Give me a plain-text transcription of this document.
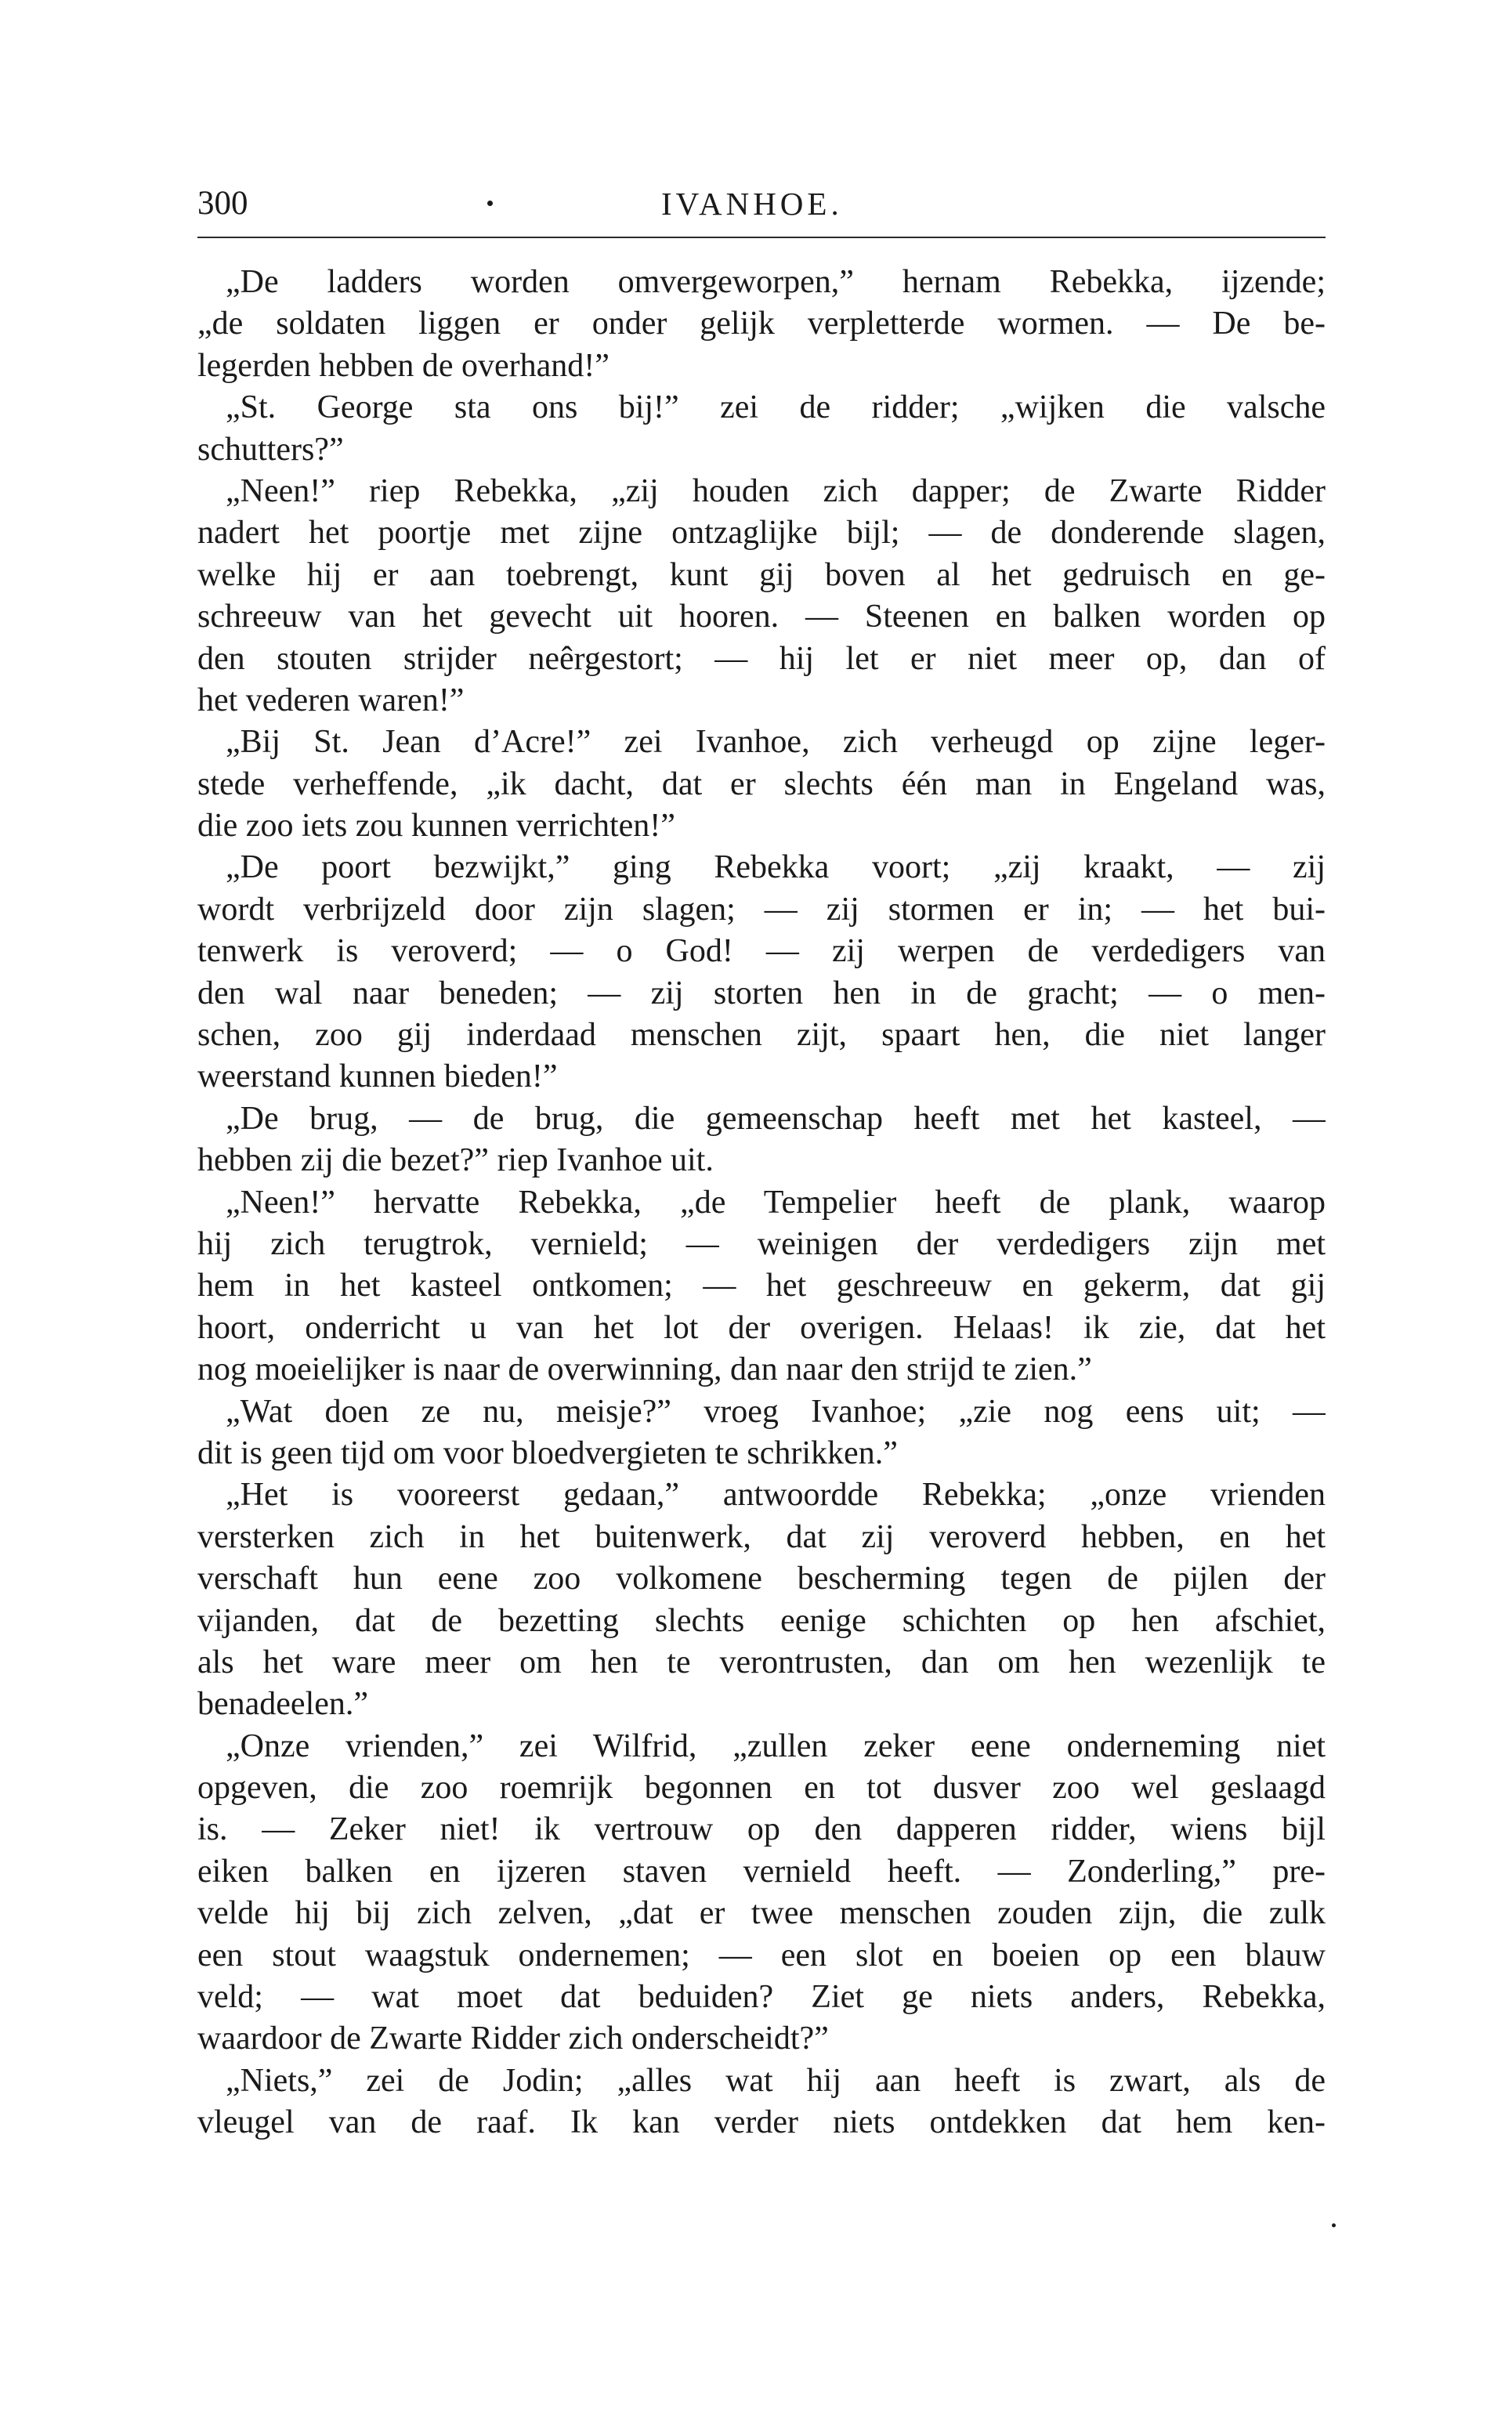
300	IVANHOE.
„De ladders worden omvergeworpen,” hernam Rebekka, ijzende;
„de soldaten liggen er onder gelijk verpletterde wormen. — De be-
legerden hebben de overhand!”
„St. George sta ons bij!” zei de ridder; „wijken die valsche
schutters?”
„Neen!” riep Rebekka, „zij houden zich dapper; de Zwarte Ridder
nadert het poortje met zijne ontzaglijke bijl; — de donderende slagen,
welke hij er aan toebrengt, kunt gij boven al het gedruisch en ge-
schreeuw van het gevecht uit hooren. — Steenen en balken worden op
den stouten strijder neêrgestort; — hij let er niet meer op, dan of
het vederen waren!”
„Bij St. Jean d’Acre!” zei Ivanhoe, zich verheugd op zijne leger-
stede verheffende, „ik dacht, dat er slechts één man in Engeland was,
die zoo iets zou kunnen verrichten!”
„De poort bezwijkt,” ging Rebekka voort; „zij kraakt, — zij
wordt verbrijzeld door zijn slagen; — zij stormen er in; — het bui-
tenwerk is veroverd; — o God! — zij werpen de verdedigers van
den wal naar beneden; — zij storten hen in de gracht; — o men-
schen, zoo gij inderdaad menschen zijt, spaart hen, die niet langer
weerstand kunnen bieden!”
„De brug, — de brug, die gemeenschap heeft met het kasteel, —
hebben zij die bezet?” riep Ivanhoe uit.
„Neen!” hervatte Rebekka, „de Tempelier heeft de plank, waarop
hij zich terugtrok, vernield; — weinigen der verdedigers zijn met
hem in het kasteel ontkomen; — het geschreeuw en gekerm, dat gij
hoort, onderricht u van het lot der overigen. Helaas! ik zie, dat het
nog moeielijker is naar de overwinning, dan naar den strijd te zien.”
„Wat doen ze nu, meisje?” vroeg Ivanhoe; „zie nog eens uit; —
dit is geen tijd om voor bloedvergieten te schrikken.”
„Het is vooreerst gedaan,” antwoordde Rebekka; „onze vrienden
versterken zich in het buitenwerk, dat zij veroverd hebben, en het
verschaft hun eene zoo volkomene bescherming tegen de pijlen der
vijanden, dat de bezetting slechts eenige schichten op hen afschiet,
als het ware meer om hen te verontrusten, dan om hen wezenlijk te
benadeelen.”
„Onze vrienden,” zei Wilfrid, „zullen zeker eene onderneming niet
opgeven, die zoo roemrijk begonnen en tot dusver zoo wel geslaagd
is. — Zeker niet! ik vertrouw op den dapperen ridder, wiens bijl
eiken balken en ijzeren staven vernield heeft. — Zonderling,” pre-
velde hij bij zich zelven, „dat er twee menschen zouden zijn, die zulk
een stout waagstuk ondernemen; — een slot en boeien op een blauw
veld; — wat moet dat beduiden? Ziet ge niets anders, Rebekka,
waardoor de Zwarte Ridder zich onderscheidt?”
„Niets,” zei de Jodin; „alles wat hij aan heeft is zwart, als de
vleugel van de raaf. Ik kan verder niets ontdekken dat hem ken-
